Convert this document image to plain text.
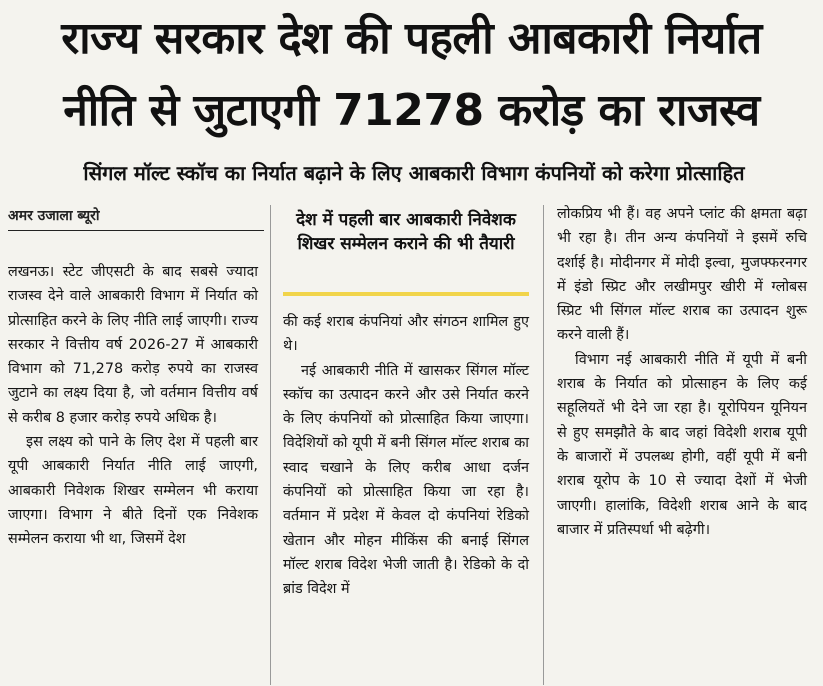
राज्य सरकार देश की पहली आबकारी निर्यात
नीति से जुटाएगी 71278 करोड़ का राजस्व
सिंगल मॉल्ट स्कॉच का निर्यात बढ़ाने के लिए आबकारी विभाग कंपनियों को करेगा प्रोत्साहित
अमर उजाला ब्यूरो

लखनऊ। स्टेट जीएसटी के बाद सबसे ज्यादा राजस्व देने वाले आबकारी विभाग में निर्यात को प्रोत्साहित करने के लिए नीति लाई जाएगी। राज्य सरकार ने वित्तीय वर्ष 2026-27 में आबकारी विभाग को 71,278 करोड़ रुपये का राजस्व जुटाने का लक्ष्य दिया है, जो वर्तमान वित्तीय वर्ष से करीब 8 हजार करोड़ रुपये अधिक है।

इस लक्ष्य को पाने के लिए देश में पहली बार यूपी आबकारी निर्यात नीति लाई जाएगी, आबकारी निवेशक शिखर सम्मेलन भी कराया जाएगा। विभाग ने बीते दिनों एक निवेशक सम्मेलन कराया भी था, जिसमें देश

देश में पहली बार आबकारी निवेशक शिखर सम्मेलन कराने की भी तैयारी

की कई शराब कंपनियां और संगठन शामिल हुए थे।

नई आबकारी नीति में खासकर सिंगल मॉल्ट स्कॉच का उत्पादन करने और उसे निर्यात करने के लिए कंपनियों को प्रोत्साहित किया जाएगा। विदेशियों को यूपी में बनी सिंगल मॉल्ट शराब का स्वाद चखाने के लिए करीब आधा दर्जन कंपनियों को प्रोत्साहित किया जा रहा है। वर्तमान में प्रदेश में केवल दो कंपनियां रेडिको खेतान और मोहन मीकिंस की बनाई सिंगल मॉल्ट शराब विदेश भेजी जाती है। रेडिको के दो ब्रांड विदेश में

लोकप्रिय भी हैं। वह अपने प्लांट की क्षमता बढ़ा भी रहा है। तीन अन्य कंपनियों ने इसमें रुचि दर्शाई है। मोदीनगर में मोदी इल्वा, मुजफ्फरनगर में इंडो स्प्रिट और लखीमपुर खीरी में ग्लोबस स्प्रिट भी सिंगल मॉल्ट शराब का उत्पादन शुरू करने वाली हैं।

विभाग नई आबकारी नीति में यूपी में बनी शराब के निर्यात को प्रोत्साहन के लिए कई सहूलियतें भी देने जा रहा है। यूरोपियन यूनियन से हुए समझौते के बाद जहां विदेशी शराब यूपी के बाजारों में उपलब्ध होगी, वहीं यूपी में बनी शराब यूरोप के 10 से ज्यादा देशों में भेजी जाएगी। हालांकि, विदेशी शराब आने के बाद बाजार में प्रतिस्पर्धा भी बढ़ेगी।
